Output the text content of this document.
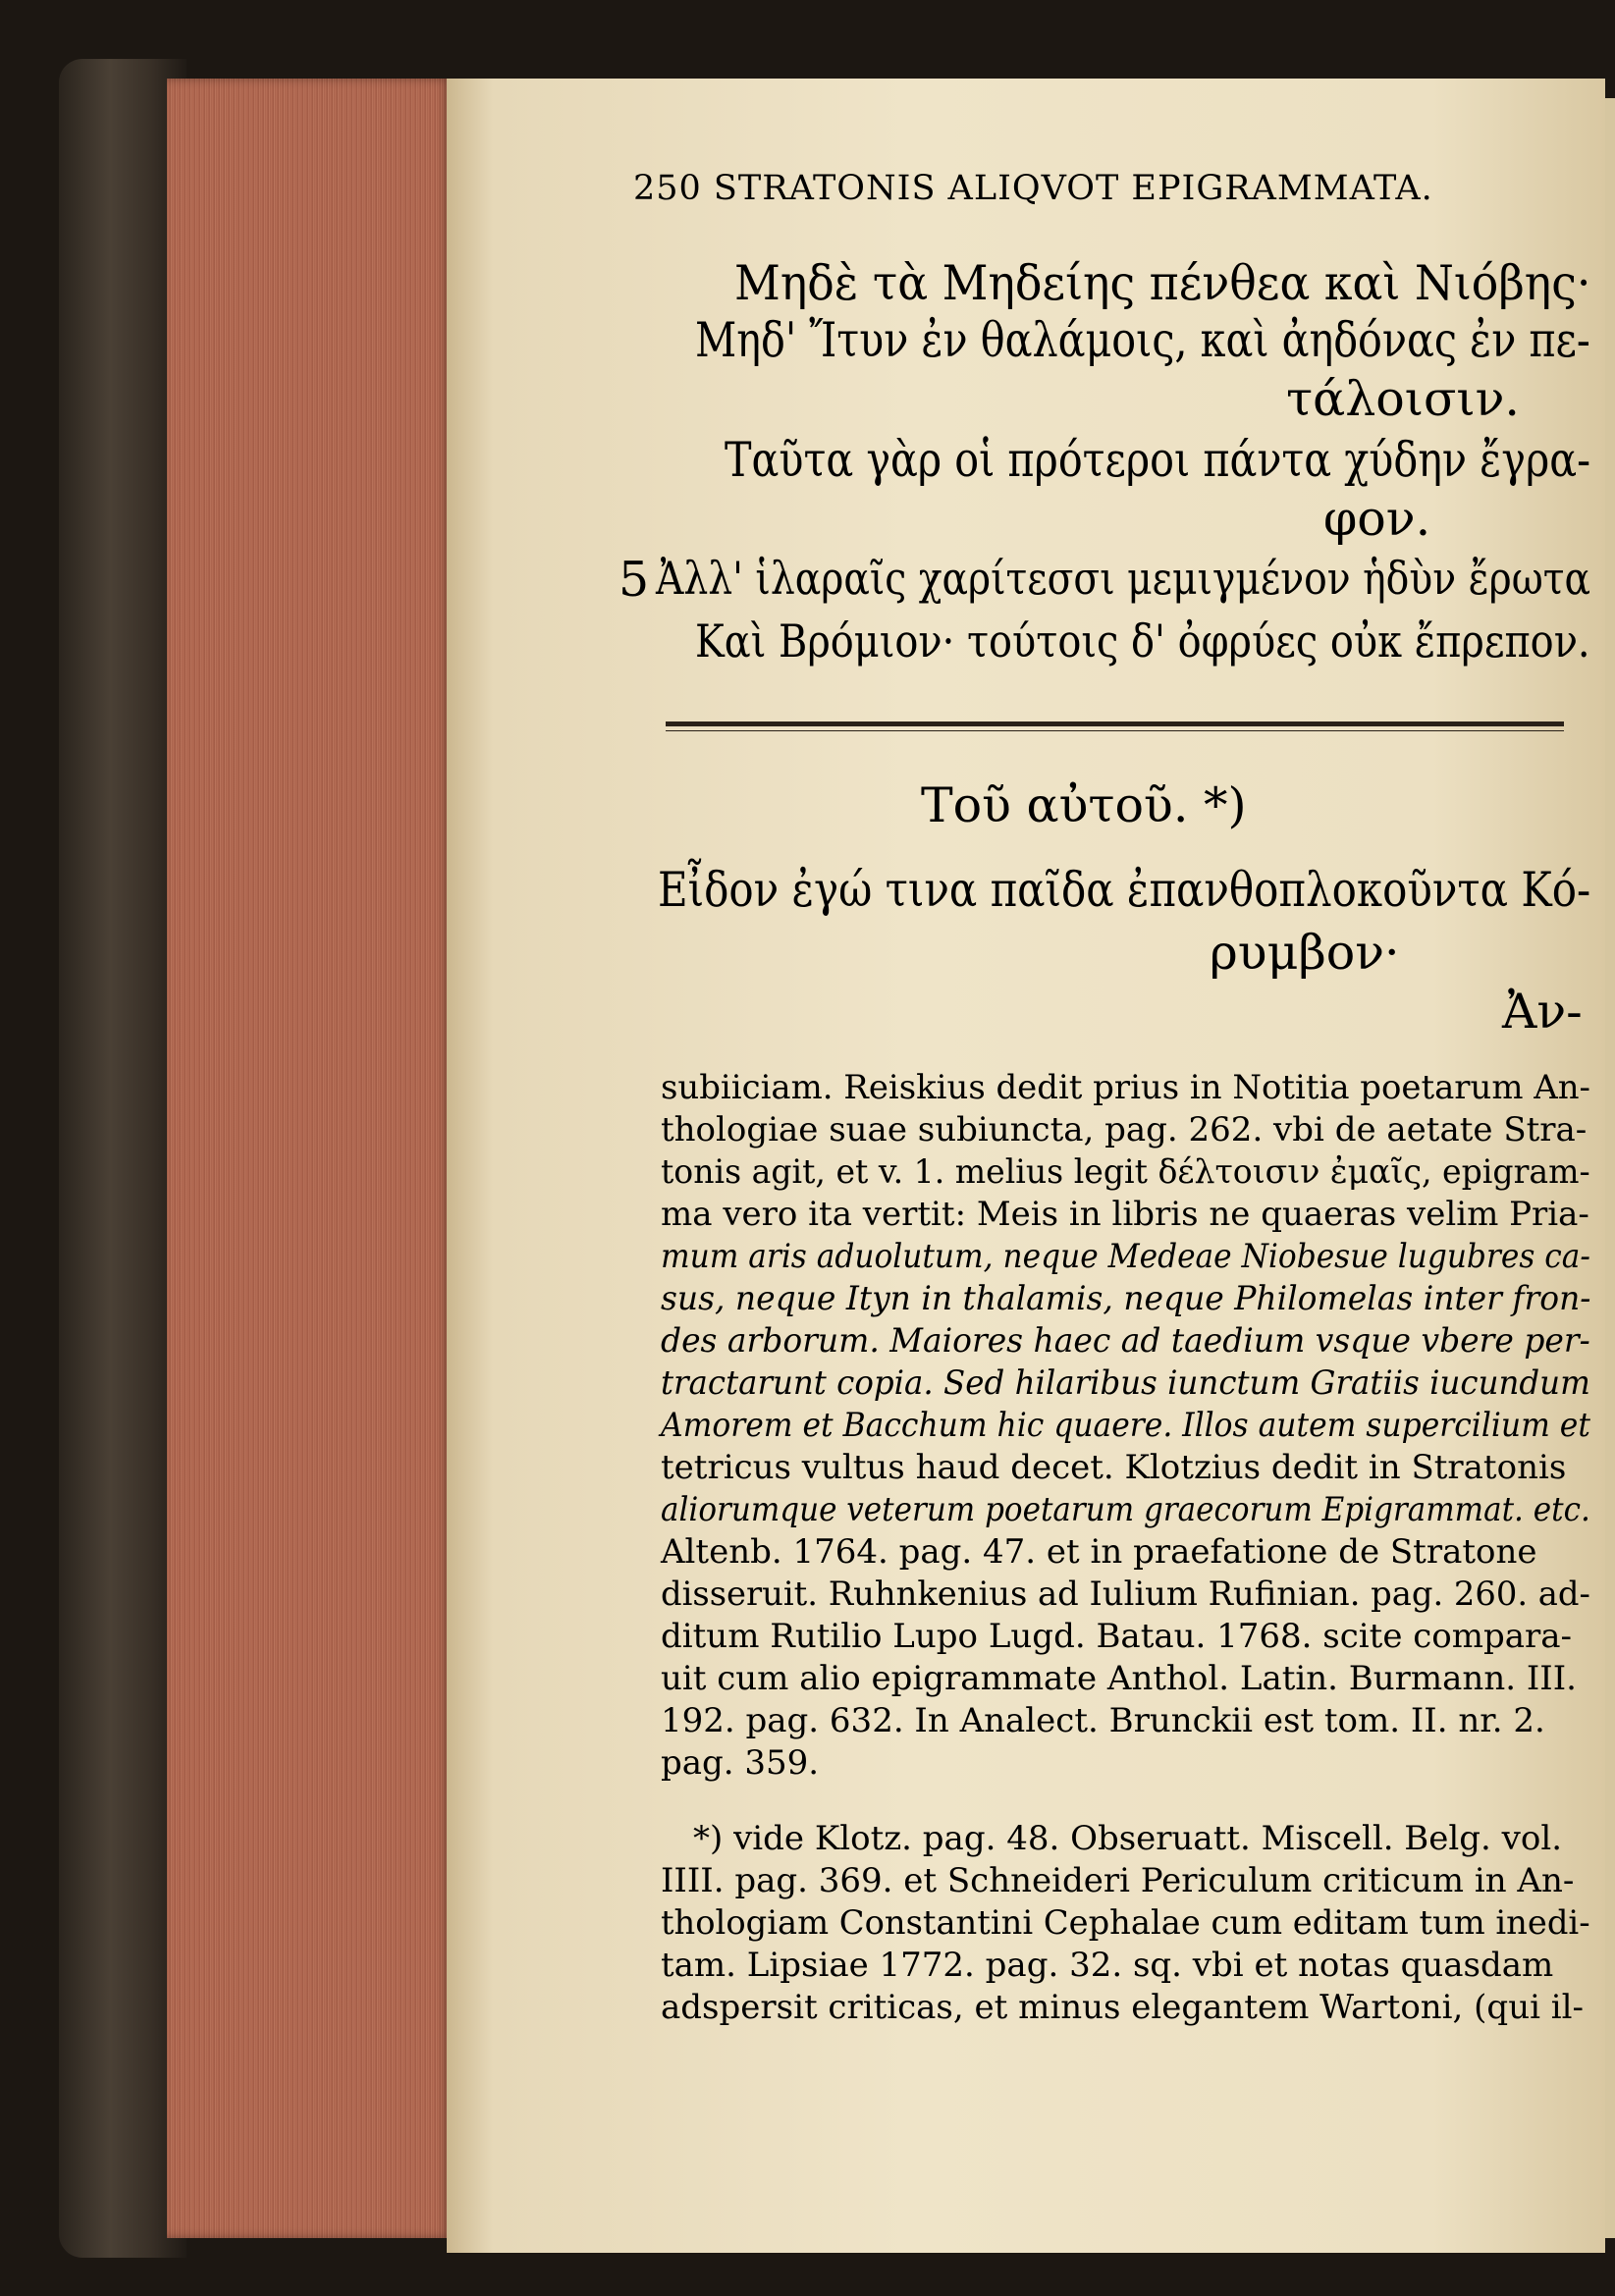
250 STRATONIS ALIQVOT EPIGRAMMATA.
Μηδὲ τὰ Μηδείης πένθεα καὶ Νιόβης·
Μηδ' Ἴτυν ἐν θαλάμοις, καὶ ἀηδόνας ἐν πε-
τάλοισιν.
Ταῦτα γὰρ οἱ πρότεροι πάντα χύδην ἔγρα-
φον.
5 Ἀλλ' ἱλαραῖς χαρίτεσσι μεμιγμένον ἡδὺν ἔρωτα
Καὶ Βρόμιον· τούτοις δ' ὀφρύες οὐκ ἔπρεπον.
Τοῦ αὐτοῦ. *)
Εἶδον ἐγώ τινα παῖδα ἐπανθοπλοκοῦντα Κό-
ρυμβον·
Ἀν-
subiiciam. Reiskius dedit prius in Notitia poetarum An-
thologiae suae subiuncta, pag. 262. vbi de aetate Stra-
tonis agit, et v. 1. melius legit δέλτοισιν ἐμαῖς, epigram-
ma vero ita vertit: Meis in libris ne quaeras velim Pria-
mum aris aduolutum, neque Medeae Niobesue lugubres ca-
sus, neque Ityn in thalamis, neque Philomelas inter fron-
des arborum. Maiores haec ad taedium vsque vbere per-
tractarunt copia. Sed hilaribus iunctum Gratiis iucundum
Amorem et Bacchum hic quaere. Illos autem supercilium et
tetricus vultus haud decet. Klotzius dedit in Stratonis
aliorumque veterum poetarum graecorum Epigrammat. etc.
Altenb. 1764. pag. 47. et in praefatione de Stratone
disseruit. Ruhnkenius ad Iulium Rufinian. pag. 260. ad-
ditum Rutilio Lupo Lugd. Batau. 1768. scite compara-
uit cum alio epigrammate Anthol. Latin. Burmann. III.
192. pag. 632. In Analect. Brunckii est tom. II. nr. 2.
pag. 359.
*) vide Klotz. pag. 48. Obseruatt. Miscell. Belg. vol.
IIII. pag. 369. et Schneideri Periculum criticum in An-
thologiam Constantini Cephalae cum editam tum inedi-
tam. Lipsiae 1772. pag. 32. sq. vbi et notas quasdam
adspersit criticas, et minus elegantem Wartoni, (qui il-
